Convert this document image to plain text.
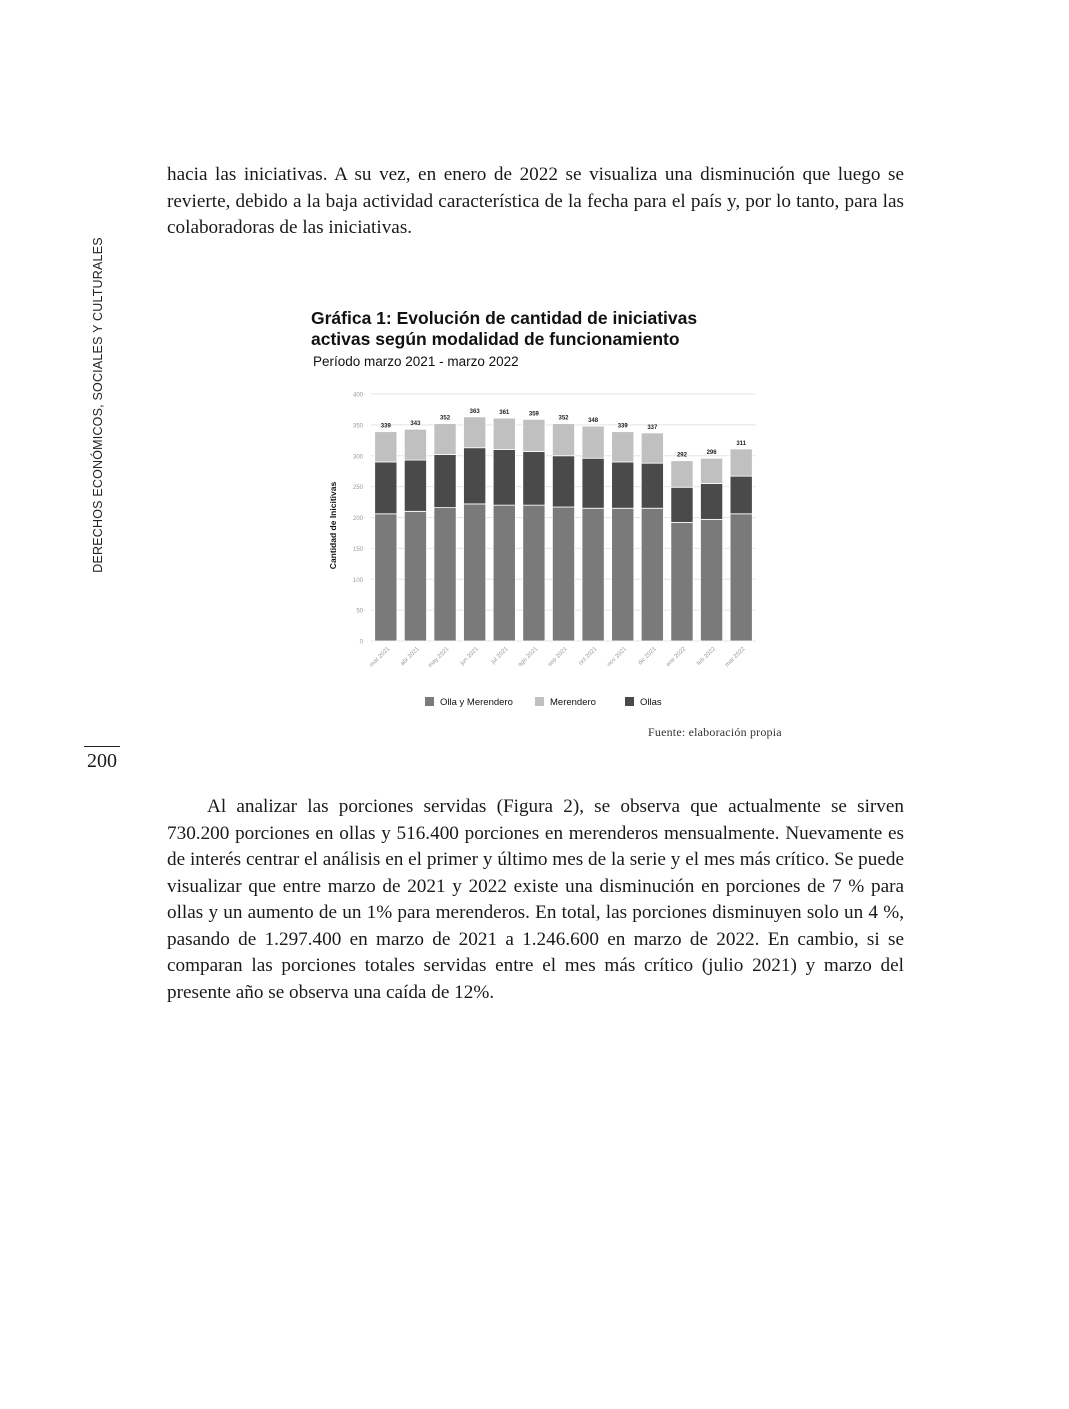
DERECHOS ECONÓMICOS, SOCIALES Y CULTURALES
hacia las iniciativas. A su vez, en enero de 2022 se visualiza una disminución que luego se revierte, debido a la baja actividad característica de la fecha para el país y, por lo tanto, para las colaboradoras de las iniciativas.
Gráfica 1: Evolución de cantidad de iniciativas
activas según modalidad de funcionamiento
Período marzo 2021 - marzo 2022
0
50
100
150
200
250
300
350
400
Cantidad de Inicitivas
339
mar 2021
343
abr 2021
352
may 2021
363
jun 2021
361
jul 2021
359
ago 2021
352
sep 2021
348
oct 2021
339
nov 2021
337
dic 2021
292
ene 2022
296
feb 2022
311
mar 2022
Olla y Merendero	Merendero	Ollas
Fuente: elaboración propia
200
Al analizar las porciones servidas (Figura 2), se observa que actualmente se sirven 730.200 porciones en ollas y 516.400 porciones en merenderos mensualmente. Nuevamente es de interés centrar el análisis en el primer y último mes de la serie y el mes más crítico. Se puede visualizar que entre marzo de 2021 y 2022 existe una disminución en porciones de 7 % para ollas y un aumento de un 1% para merenderos. En total, las porciones disminuyen solo un 4 %, pasando de 1.297.400 en marzo de 2021 a 1.246.600 en marzo de 2022. En cambio, si se comparan las porciones totales servidas entre el mes más crítico (julio 2021) y marzo del presente año se observa una caída de 12%.
